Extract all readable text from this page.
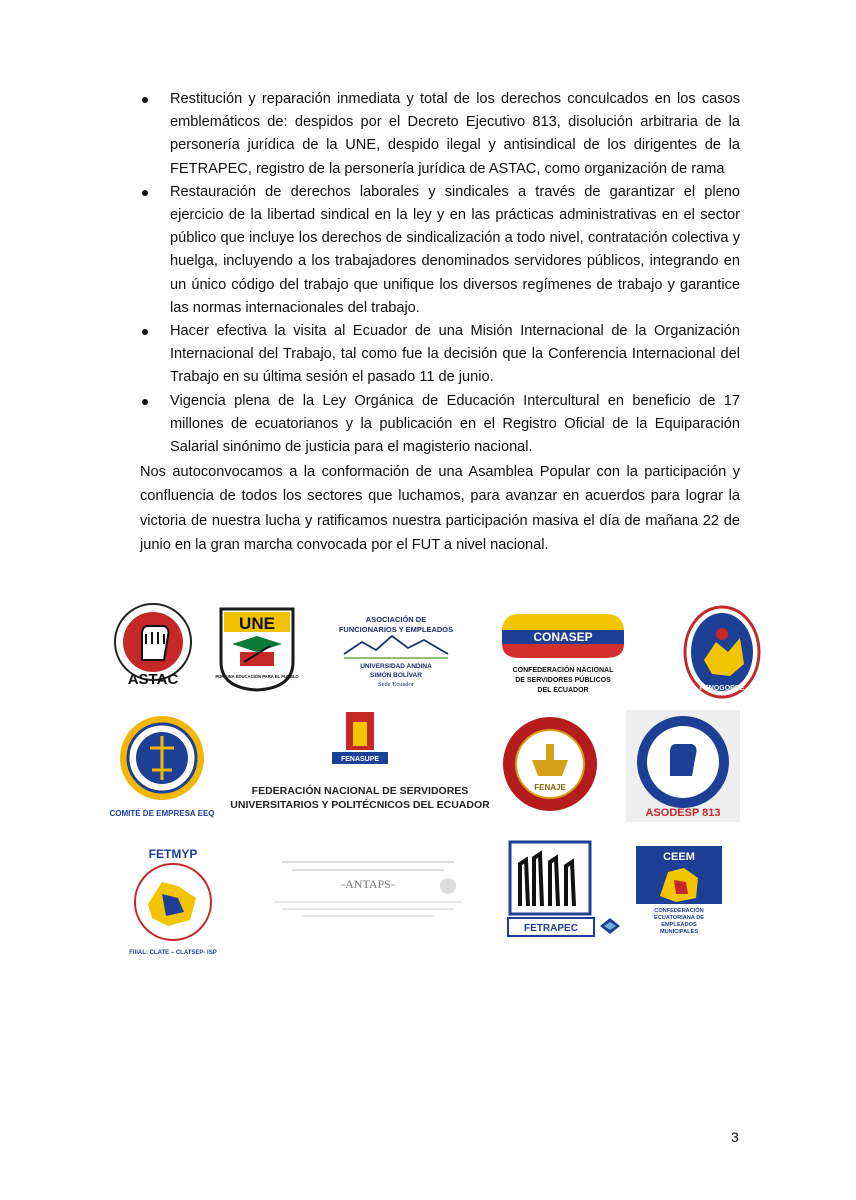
Restitución y reparación inmediata y total de los derechos conculcados en los casos emblemáticos de: despidos por el Decreto Ejecutivo 813, disolución arbitraria de la personería jurídica de la UNE, despido ilegal y antisindical de los dirigentes de la FETRAPEC, registro de la personería jurídica de ASTAC, como organización de rama
Restauración de derechos laborales y sindicales a través de garantizar el pleno ejercicio de la libertad sindical en la ley y en las prácticas administrativas en el sector público que incluye los derechos de sindicalización a todo nivel, contratación colectiva y huelga, incluyendo a los trabajadores denominados servidores públicos, integrando en un único código del trabajo que unifique los diversos regímenes de trabajo y garantice las normas internacionales del trabajo.
Hacer efectiva la visita al Ecuador de una Misión Internacional de la Organización Internacional del Trabajo, tal como fue la decisión que la Conferencia Internacional del Trabajo en su última sesión el pasado 11 de junio.
Vigencia plena de la Ley Orgánica de Educación Intercultural en beneficio de 17 millones de ecuatorianos y la publicación en el Registro Oficial de la Equiparación Salarial sinónimo de justicia para el magisterio nacional.

Nos autoconvocamos a la conformación de una Asamblea Popular con la participación y confluencia de todos los sectores que luchamos, para avanzar en acuerdos para lograr la victoria de nuestra lucha y ratificamos nuestra participación masiva el día de mañana 22 de junio en la gran marcha convocada por el FUT a nivel nacional.

ASTAC
UNE
POR UNA EDUCACIÓN PARA EL PUEBLO
ASOCIACIÓN DE
FUNCIONARIOS Y EMPLEADOS
UNIVERSIDAD ANDINA
SIMÓN BOLÍVAR
Sede Ecuador
CONASEP
CONFEDERACIÓN NACIONAL
DE SERVIDORES PÚBLICOS
DEL ECUADOR	FENOGOPPE
COMITÉ DE EMPRESA EEQ
FENASUPE
FEDERACIÓN NACIONAL DE SERVIDORES
UNIVERSITARIOS Y POLITÉCNICOS DEL ECUADOR
FENAJE
ASODESP 813
FETMYP
FIlIAL: CLATE – CLATSEP- ISP
-ANTAPS-
FETRAPEC
CEEM
CONFEDERACIÓN
ECUATORIANA DE
EMPLEADOS
MUNICIPALES
3
